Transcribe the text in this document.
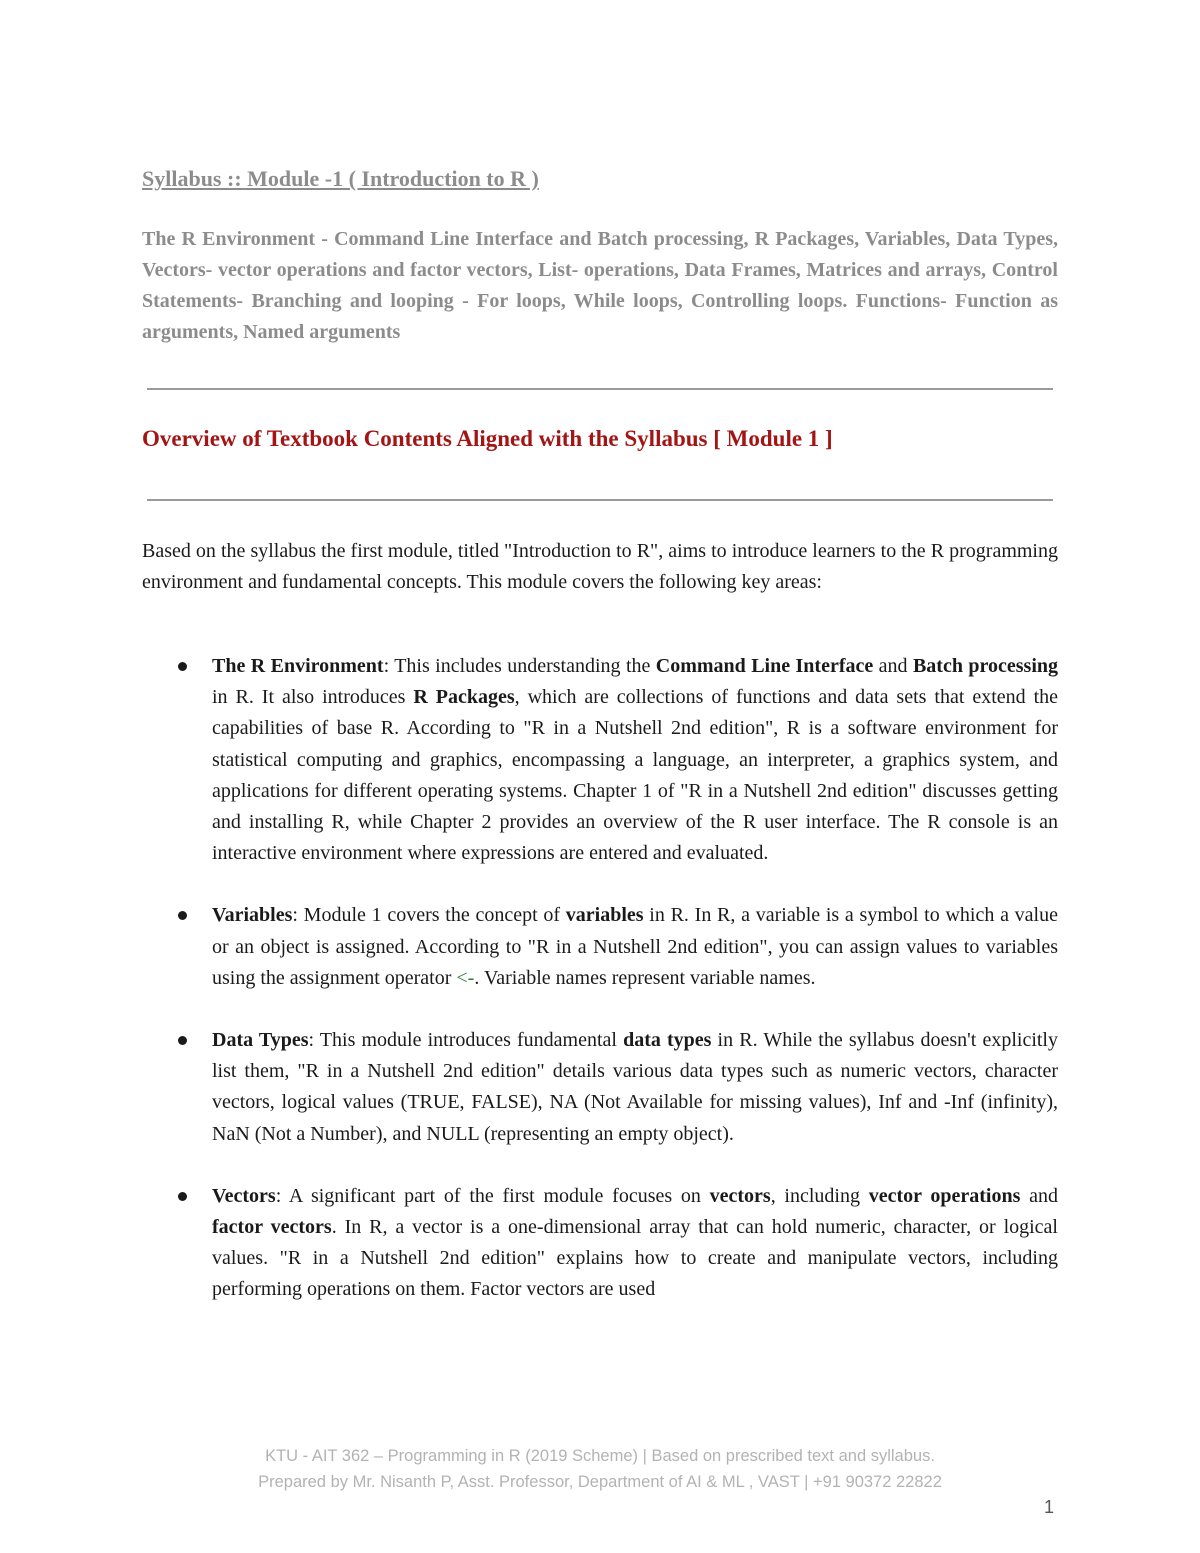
Syllabus :: Module -1 ( Introduction to R )
The R Environment - Command Line Interface and Batch processing, R Packages, Variables, Data Types, Vectors- vector operations and factor vectors, List- operations, Data Frames, Matrices and arrays, Control Statements- Branching and looping - For loops, While loops, Controlling loops. Functions- Function as arguments, Named arguments
Overview of Textbook Contents Aligned with the Syllabus [ Module 1 ]
Based on the syllabus the first module, titled "Introduction to R", aims to introduce learners to the R programming environment and fundamental concepts. This module covers the following key areas:
The R Environment: This includes understanding the Command Line Interface and Batch processing in R. It also introduces R Packages, which are collections of functions and data sets that extend the capabilities of base R. According to "R in a Nutshell 2nd edition", R is a software environment for statistical computing and graphics, encompassing a language, an interpreter, a graphics system, and applications for different operating systems. Chapter 1 of "R in a Nutshell 2nd edition" discusses getting and installing R, while Chapter 2 provides an overview of the R user interface. The R console is an interactive environment where expressions are entered and evaluated.
Variables: Module 1 covers the concept of variables in R. In R, a variable is a symbol to which a value or an object is assigned. According to "R in a Nutshell 2nd edition", you can assign values to variables using the assignment operator <-. Variable names represent variable names.
Data Types: This module introduces fundamental data types in R. While the syllabus doesn't explicitly list them, "R in a Nutshell 2nd edition" details various data types such as numeric vectors, character vectors, logical values (TRUE, FALSE), NA (Not Available for missing values), Inf and -Inf (infinity), NaN (Not a Number), and NULL (representing an empty object).
Vectors: A significant part of the first module focuses on vectors, including vector operations and factor vectors. In R, a vector is a one-dimensional array that can hold numeric, character, or logical values. "R in a Nutshell 2nd edition" explains how to create and manipulate vectors, including performing operations on them. Factor vectors are used
KTU - AIT 362 – Programming in R (2019 Scheme) | Based on prescribed text and syllabus.
Prepared by Mr. Nisanth P, Asst. Professor, Department of AI & ML , VAST | +91 90372 22822
1
